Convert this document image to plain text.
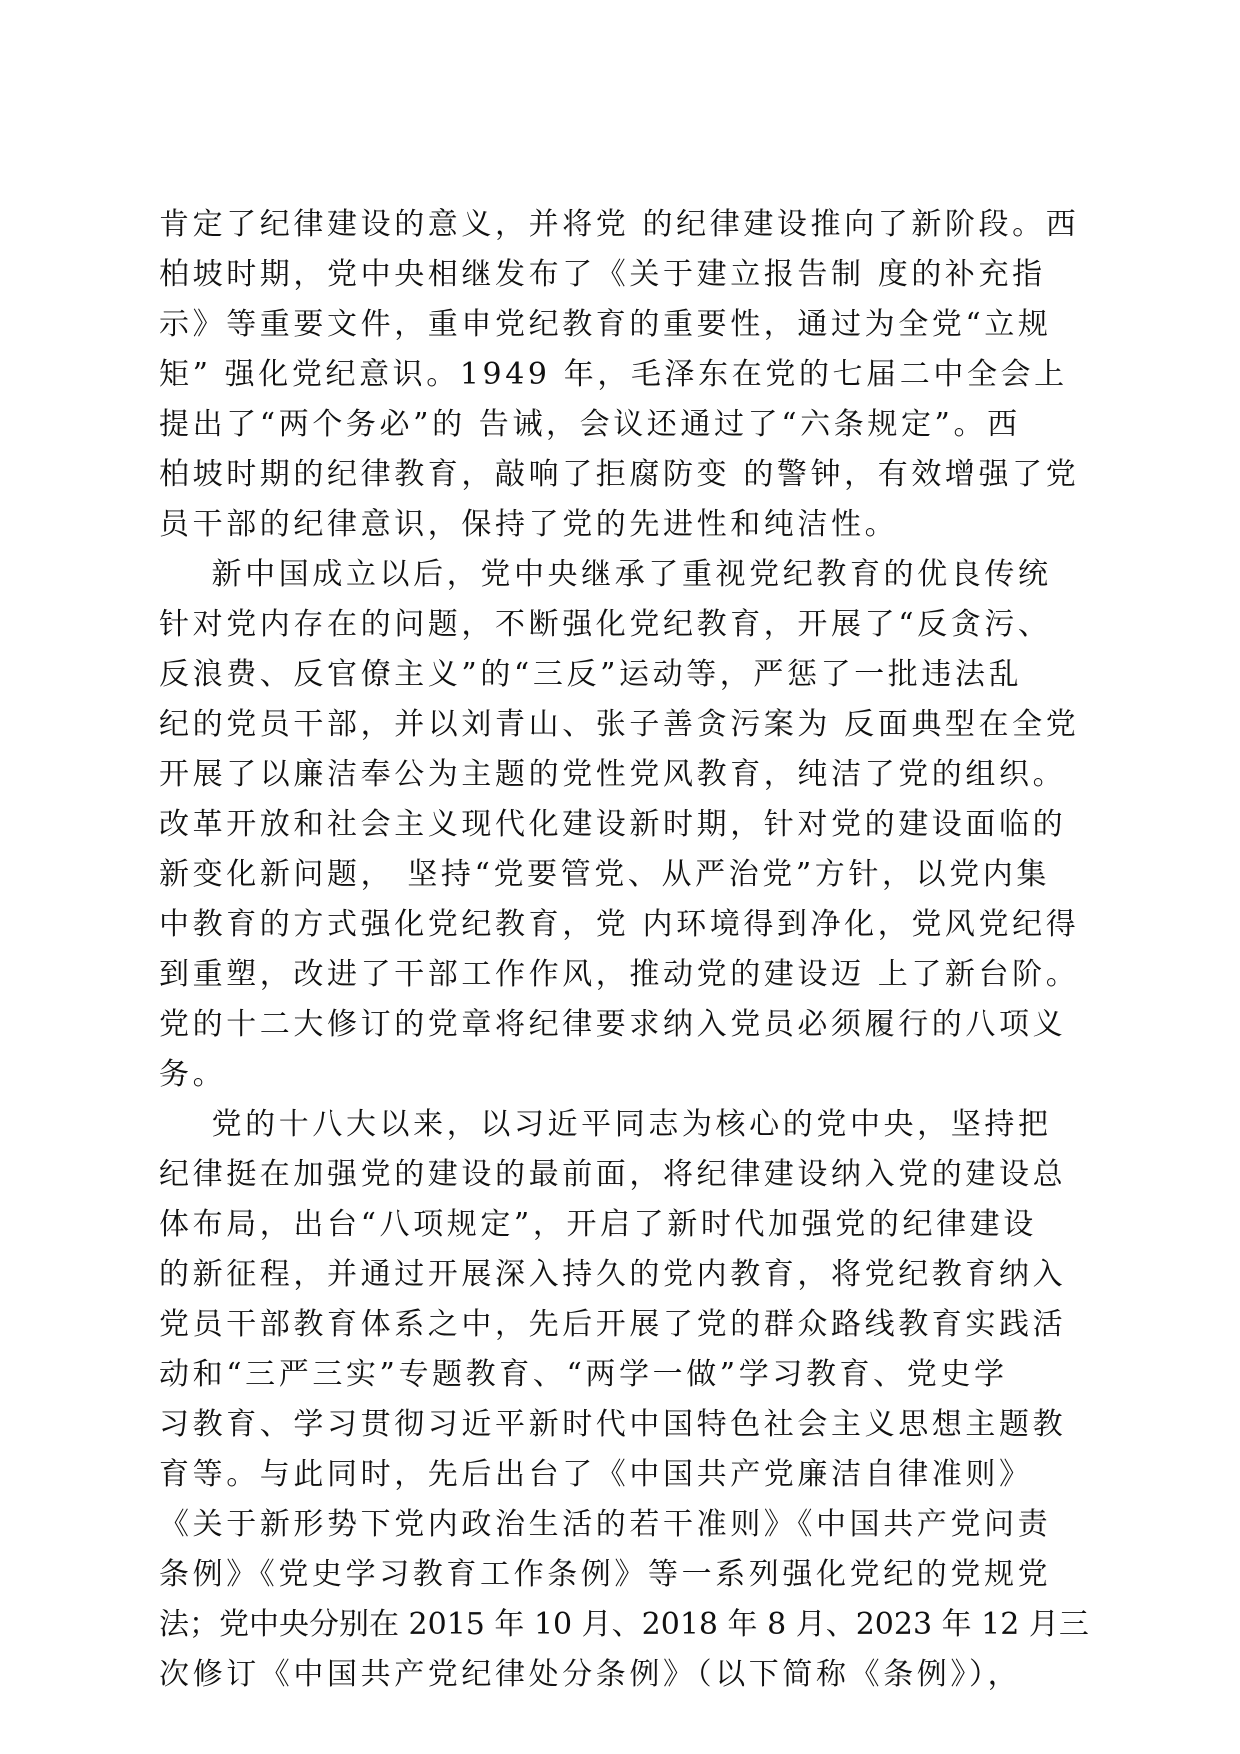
肯定了纪律建设的意义，并将党 的纪律建设推向了新阶段。西
柏坡时期，党中央相继发布了《关于建立报告制 度的补充指
示》等重要文件，重申党纪教育的重要性，通过为全党“立规
矩” 强化党纪意识。1949 年，毛泽东在党的七届二中全会上
提出了“两个务必”的 告诫，会议还通过了“六条规定”。西
柏坡时期的纪律教育，敲响了拒腐防变 的警钟，有效增强了党
员干部的纪律意识，保持了党的先进性和纯洁性。
新中国成立以后，党中央继承了重视党纪教育的优良传统
针对党内存在的问题，不断强化党纪教育，开展了“反贪污、
反浪费、反官僚主义”的“三反”运动等，严惩了一批违法乱
纪的党员干部，并以刘青山、张子善贪污案为 反面典型在全党
开展了以廉洁奉公为主题的党性党风教育，纯洁了党的组织。
改革开放和社会主义现代化建设新时期，针对党的建设面临的
新变化新问题， 坚持“党要管党、从严治党”方针，以党内集
中教育的方式强化党纪教育，党 内环境得到净化，党风党纪得
到重塑，改进了干部工作作风，推动党的建设迈 上了新台阶。
党的十二大修订的党章将纪律要求纳入党员必须履行的八项义
务。
党的十八大以来，以习近平同志为核心的党中央，坚持把
纪律挺在加强党的建设的最前面，将纪律建设纳入党的建设总
体布局，出台“八项规定”，开启了新时代加强党的纪律建设
的新征程，并通过开展深入持久的党内教育，将党纪教育纳入
党员干部教育体系之中，先后开展了党的群众路线教育实践活
动和“三严三实”专题教育、“两学一做”学习教育、党史学
习教育、学习贯彻习近平新时代中国特色社会主义思想主题教
育等。与此同时，先后出台了《中国共产党廉洁自律准则》
《关于新形势下党内政治生活的若干准则》《中国共产党问责
条例》《党史学习教育工作条例》等一系列强化党纪的党规党
法；党中央分别在 2015 年 10 月、2018 年 8 月、2023 年 12 月三
次修订《中国共产党纪律处分条例》（以下简称《条例》），
